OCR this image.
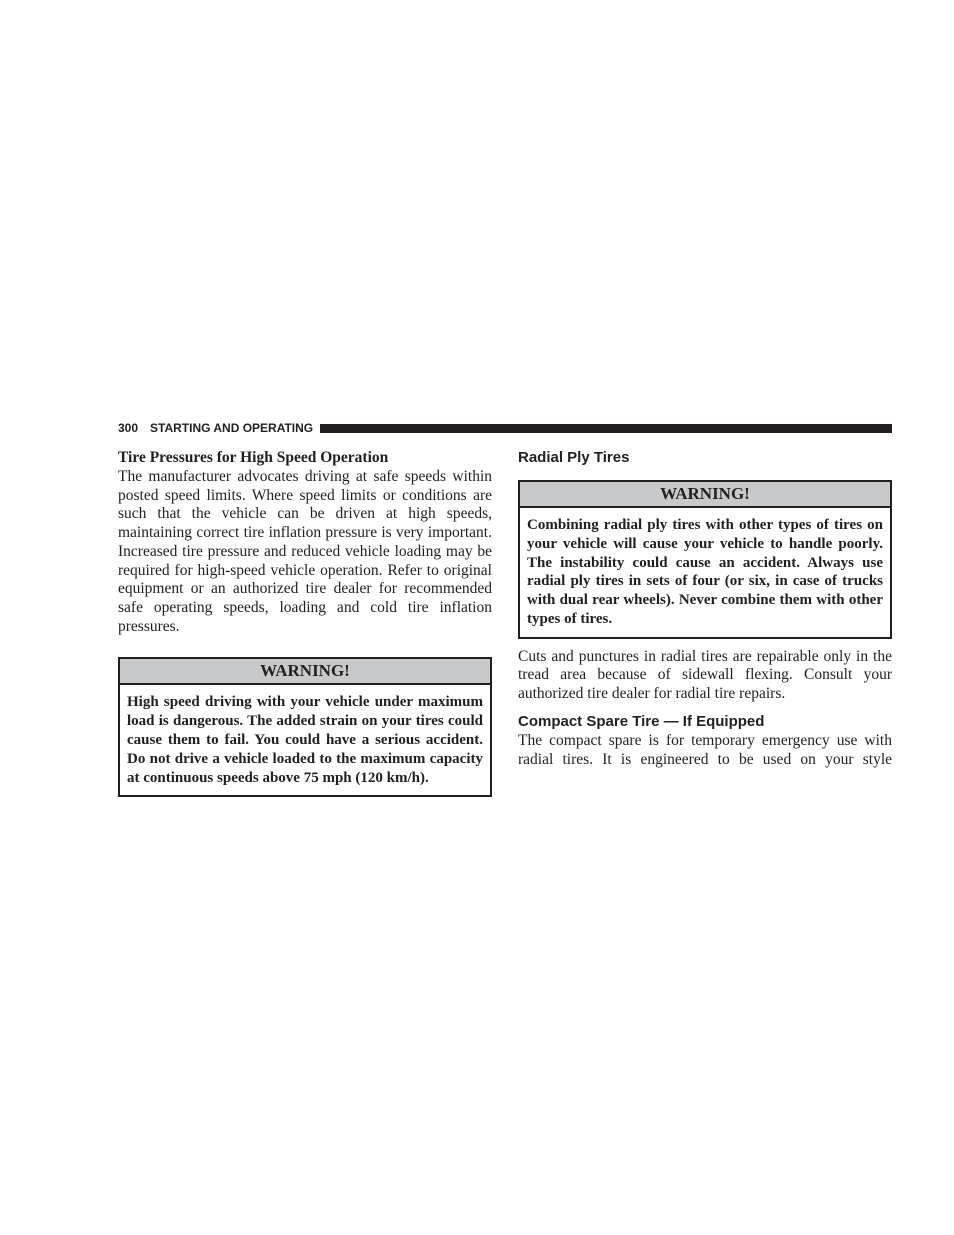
300 STARTING AND OPERATING
Tire Pressures for High Speed Operation

The manufacturer advocates driving at safe speeds within posted speed limits. Where speed limits or conditions are such that the vehicle can be driven at high speeds, maintaining correct tire inflation pressure is very important. Increased tire pressure and reduced vehicle loading may be required for high-speed vehicle operation. Refer to original equipment or an authorized tire dealer for recommended safe operating speeds, loading and cold tire inflation pressures.

WARNING!

High speed driving with your vehicle under maximum load is dangerous. The added strain on your tires could cause them to fail. You could have a serious accident. Do not drive a vehicle loaded to the maximum capacity at continuous speeds above 75 mph (120 km/h).

Radial Ply Tires
WARNING!

Combining radial ply tires with other types of tires on your vehicle will cause your vehicle to handle poorly. The instability could cause an accident. Always use radial ply tires in sets of four (or six, in case of trucks with dual rear wheels). Never combine them with other types of tires.

Cuts and punctures in radial tires are repairable only in the tread area because of sidewall flexing. Consult your authorized tire dealer for radial tire repairs.

Compact Spare Tire — If Equipped

The compact spare is for temporary emergency use with radial tires. It is engineered to be used on your style
